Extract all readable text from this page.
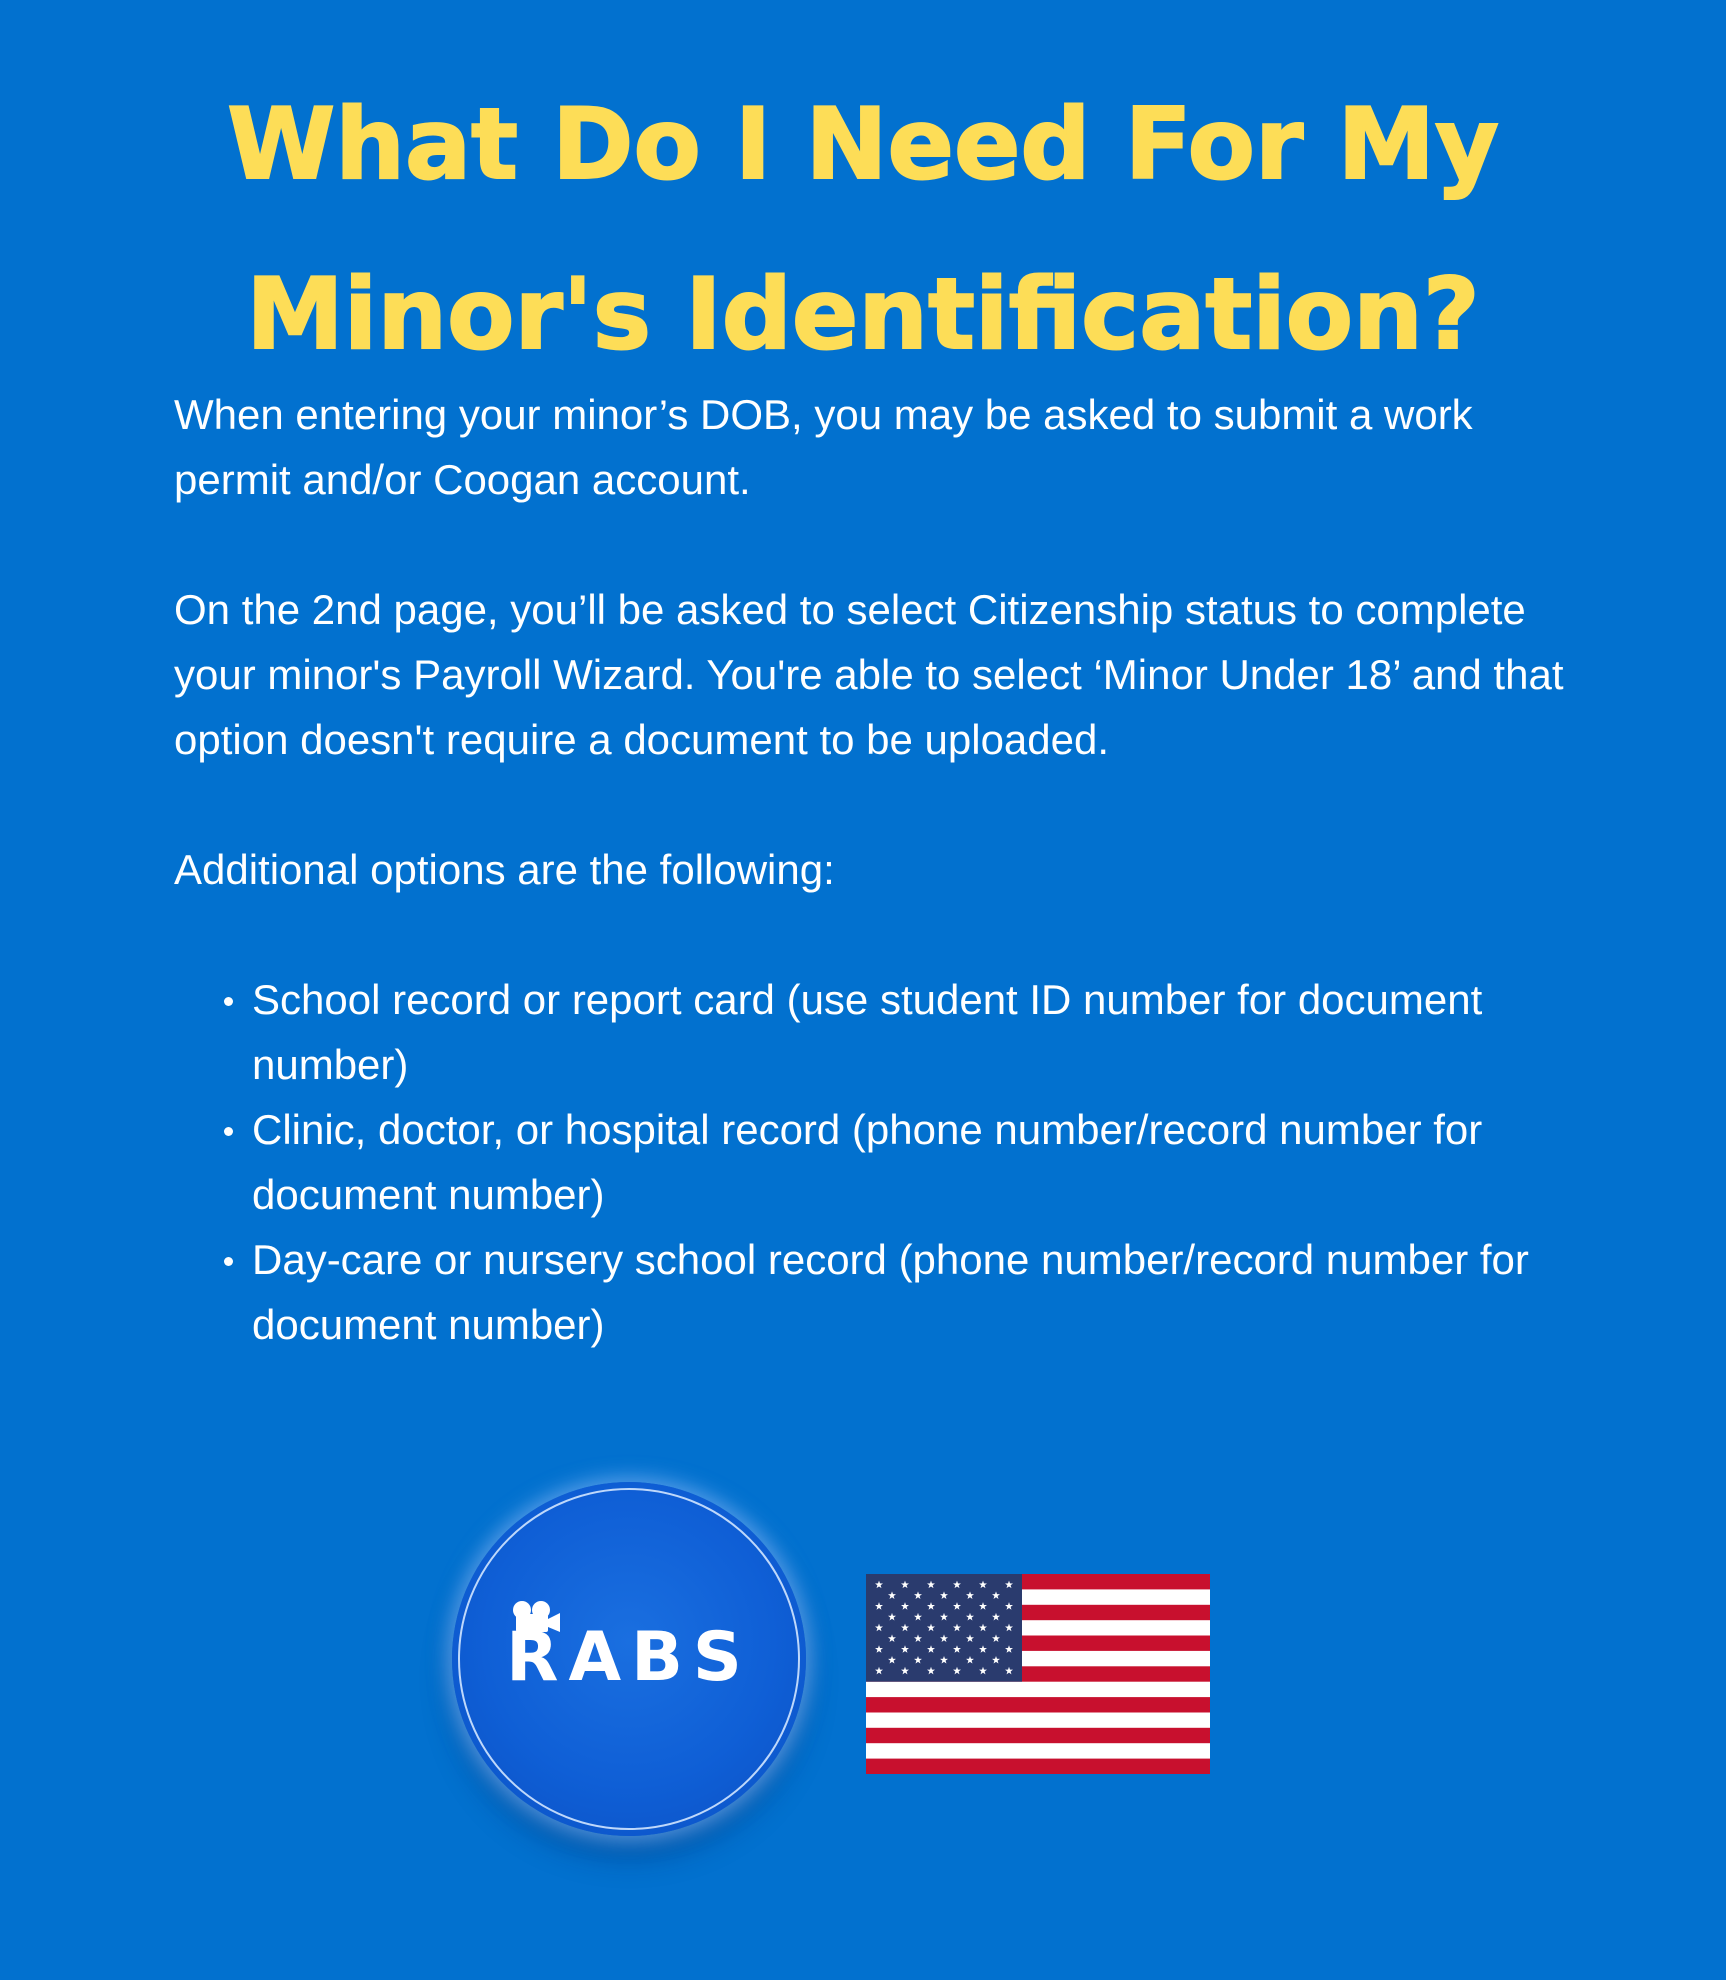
What Do I Need For My
Minor's Identification?

When entering your minor’s DOB, you may be asked to submit a work permit and/or Coogan account.

On the 2nd page, you’ll be asked to select Citizenship status to complete your minor's Payroll Wizard. You're able to select ‘Minor Under 18’ and that option doesn't require a document to be uploaded.

Additional options are the following:

School record or report card (use student ID number for document number)
Clinic, doctor, or hospital record (phone number/record number for document number)
Day-care or nursery school record (phone number/record number for document number)
RABS
